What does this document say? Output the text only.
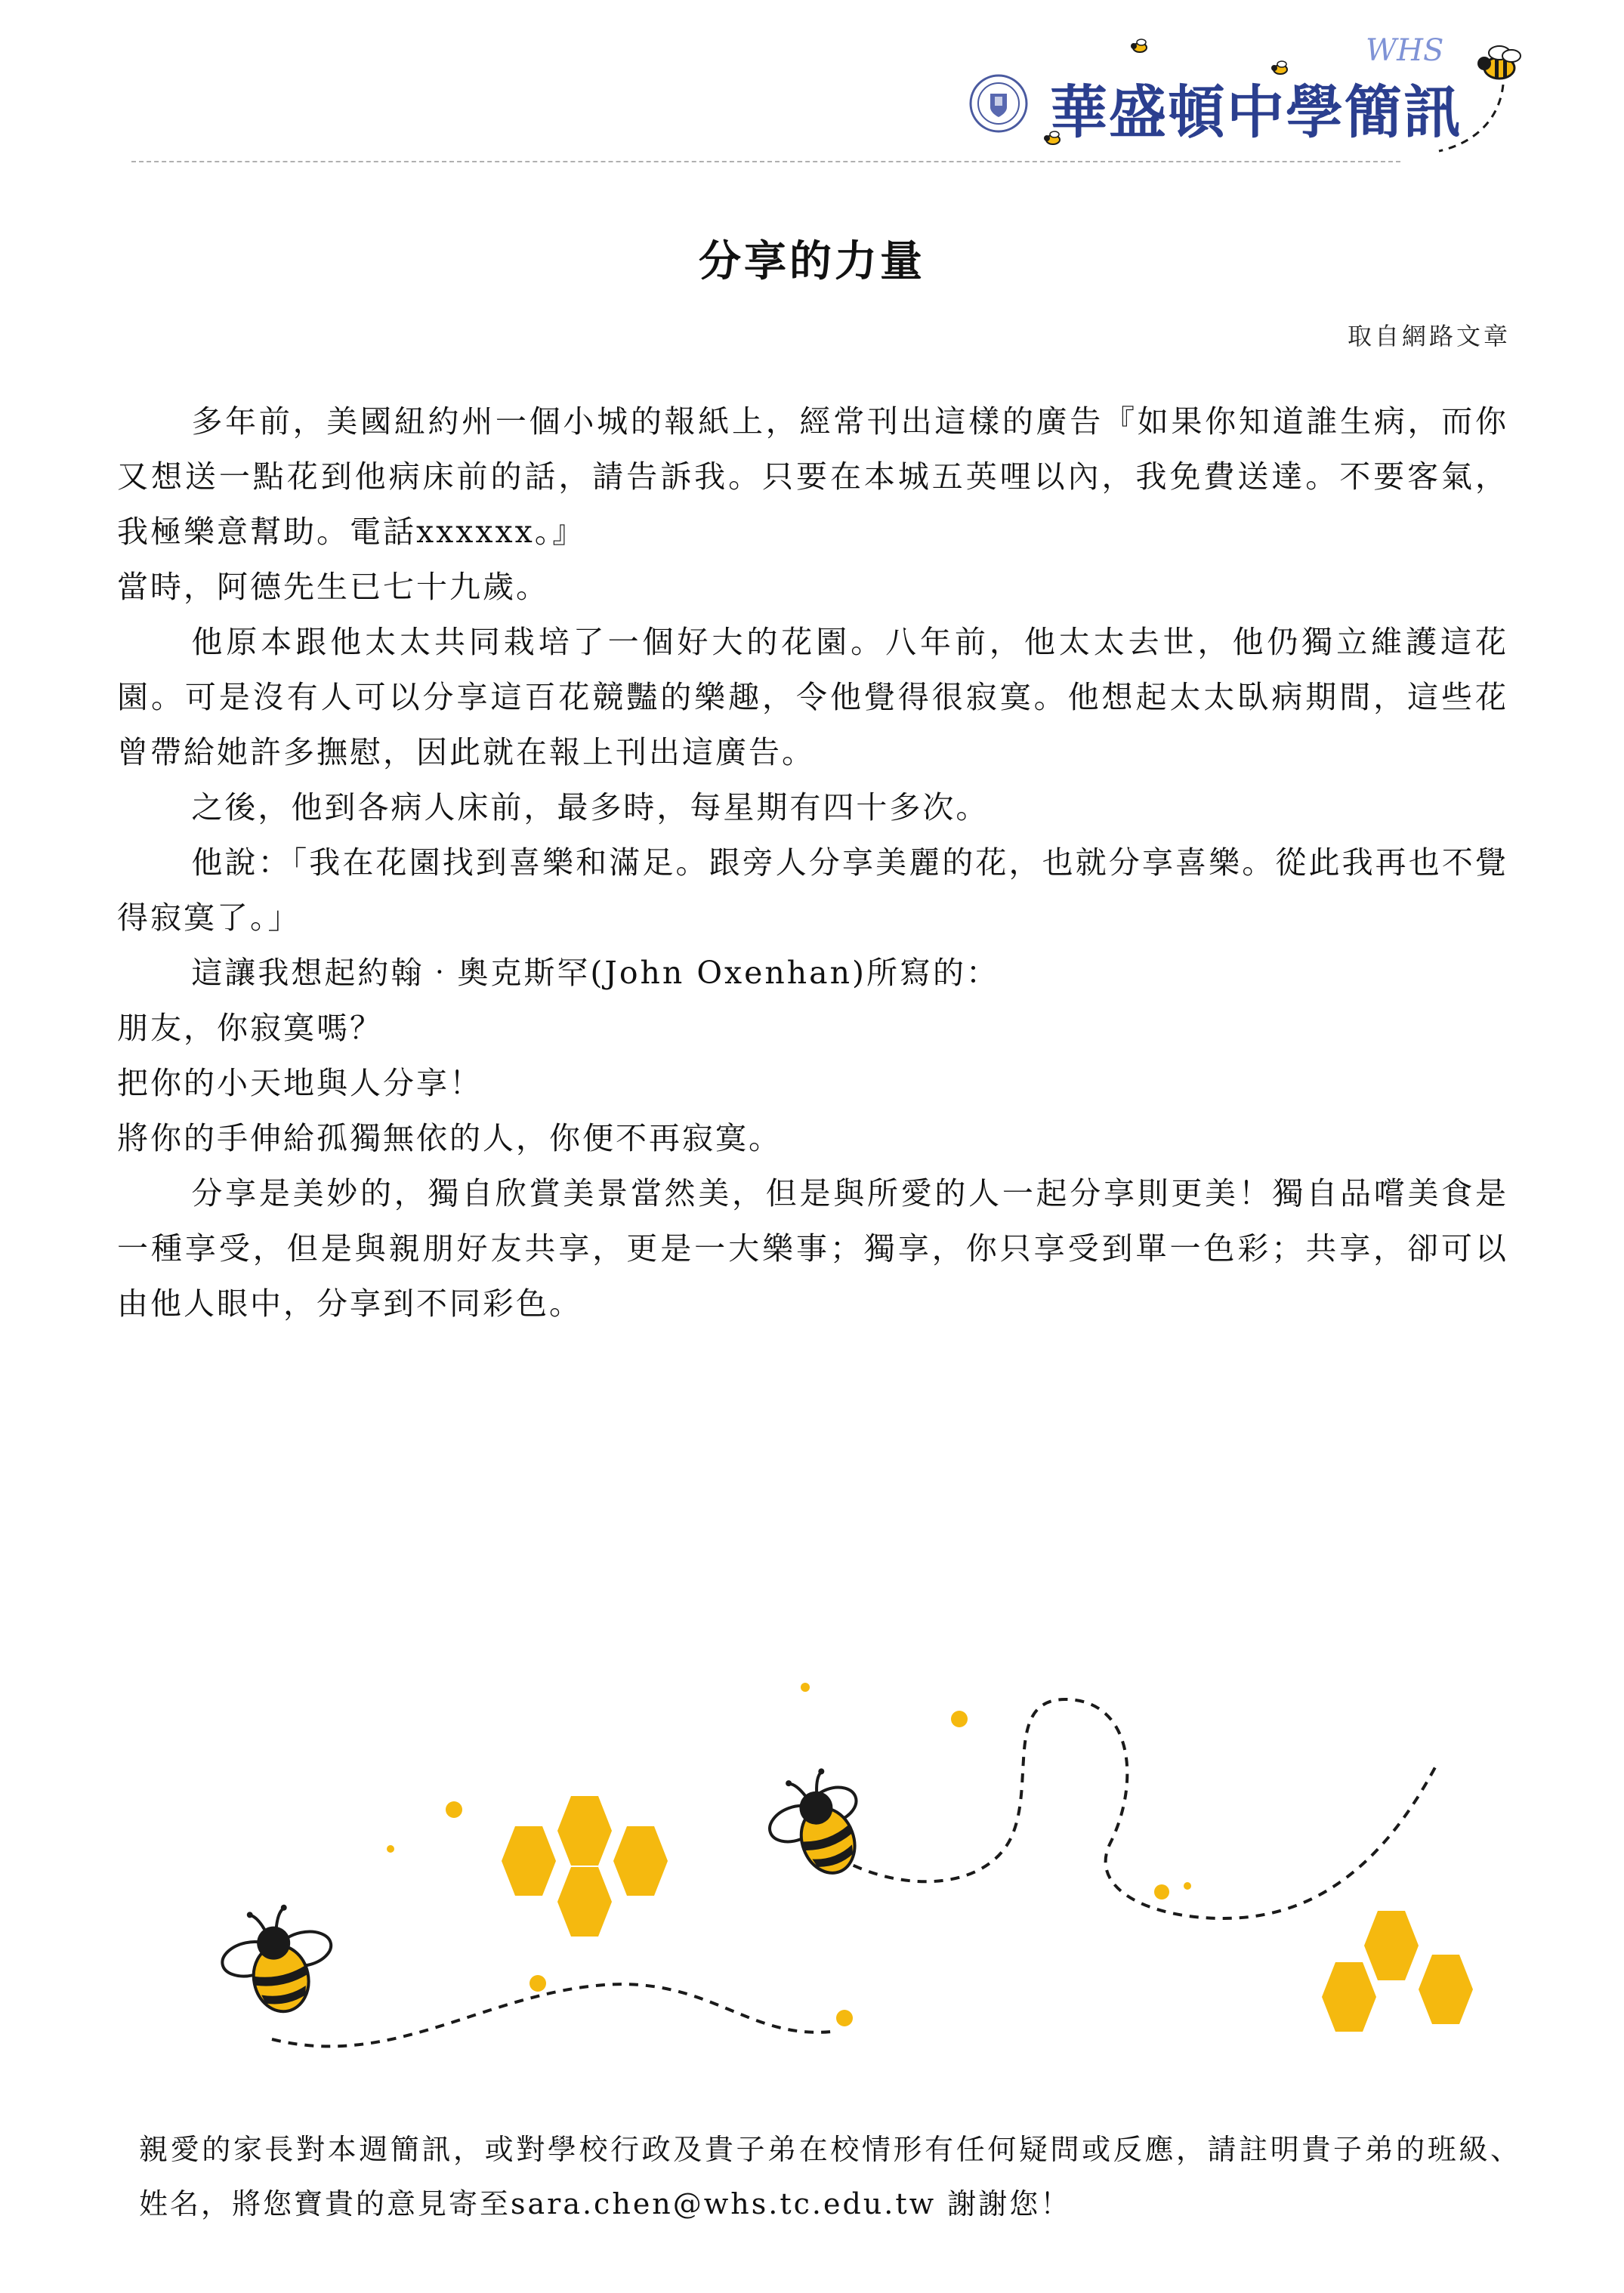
華盛頓中學簡訊
WHS
分享的力量
取自網路文章

多年前，美國紐約州一個小城的報紙上，經常刊出這樣的廣告『如果你知道誰生病，而你又想送一點花到他病床前的話，請告訴我。只要在本城五英哩以內，我免費送達。不要客氣，我極樂意幫助。電話xxxxxx。』

當時，阿德先生已七十九歲。

他原本跟他太太共同栽培了一個好大的花園。八年前，他太太去世，他仍獨立維護這花園。可是沒有人可以分享這百花競豔的樂趣，令他覺得很寂寞。他想起太太臥病期間，這些花曾帶給她許多撫慰，因此就在報上刊出這廣告。

之後，他到各病人床前，最多時，每星期有四十多次。

他說：「我在花園找到喜樂和滿足。跟旁人分享美麗的花，也就分享喜樂。從此我再也不覺得寂寞了。」

這讓我想起約翰‧奧克斯罕(John Oxenhan)所寫的：

朋友，你寂寞嗎？

把你的小天地與人分享！

將你的手伸給孤獨無依的人，你便不再寂寞。

分享是美妙的，獨自欣賞美景當然美，但是與所愛的人一起分享則更美！獨自品嚐美食是一種享受，但是與親朋好友共享，更是一大樂事；獨享，你只享受到單一色彩；共享，卻可以由他人眼中，分享到不同彩色。

親愛的家長對本週簡訊，或對學校行政及貴子弟在校情形有任何疑問或反應，請註明貴子弟的班級、姓名，將您寶貴的意見寄至sara.chen@whs.tc.edu.tw 謝謝您！
